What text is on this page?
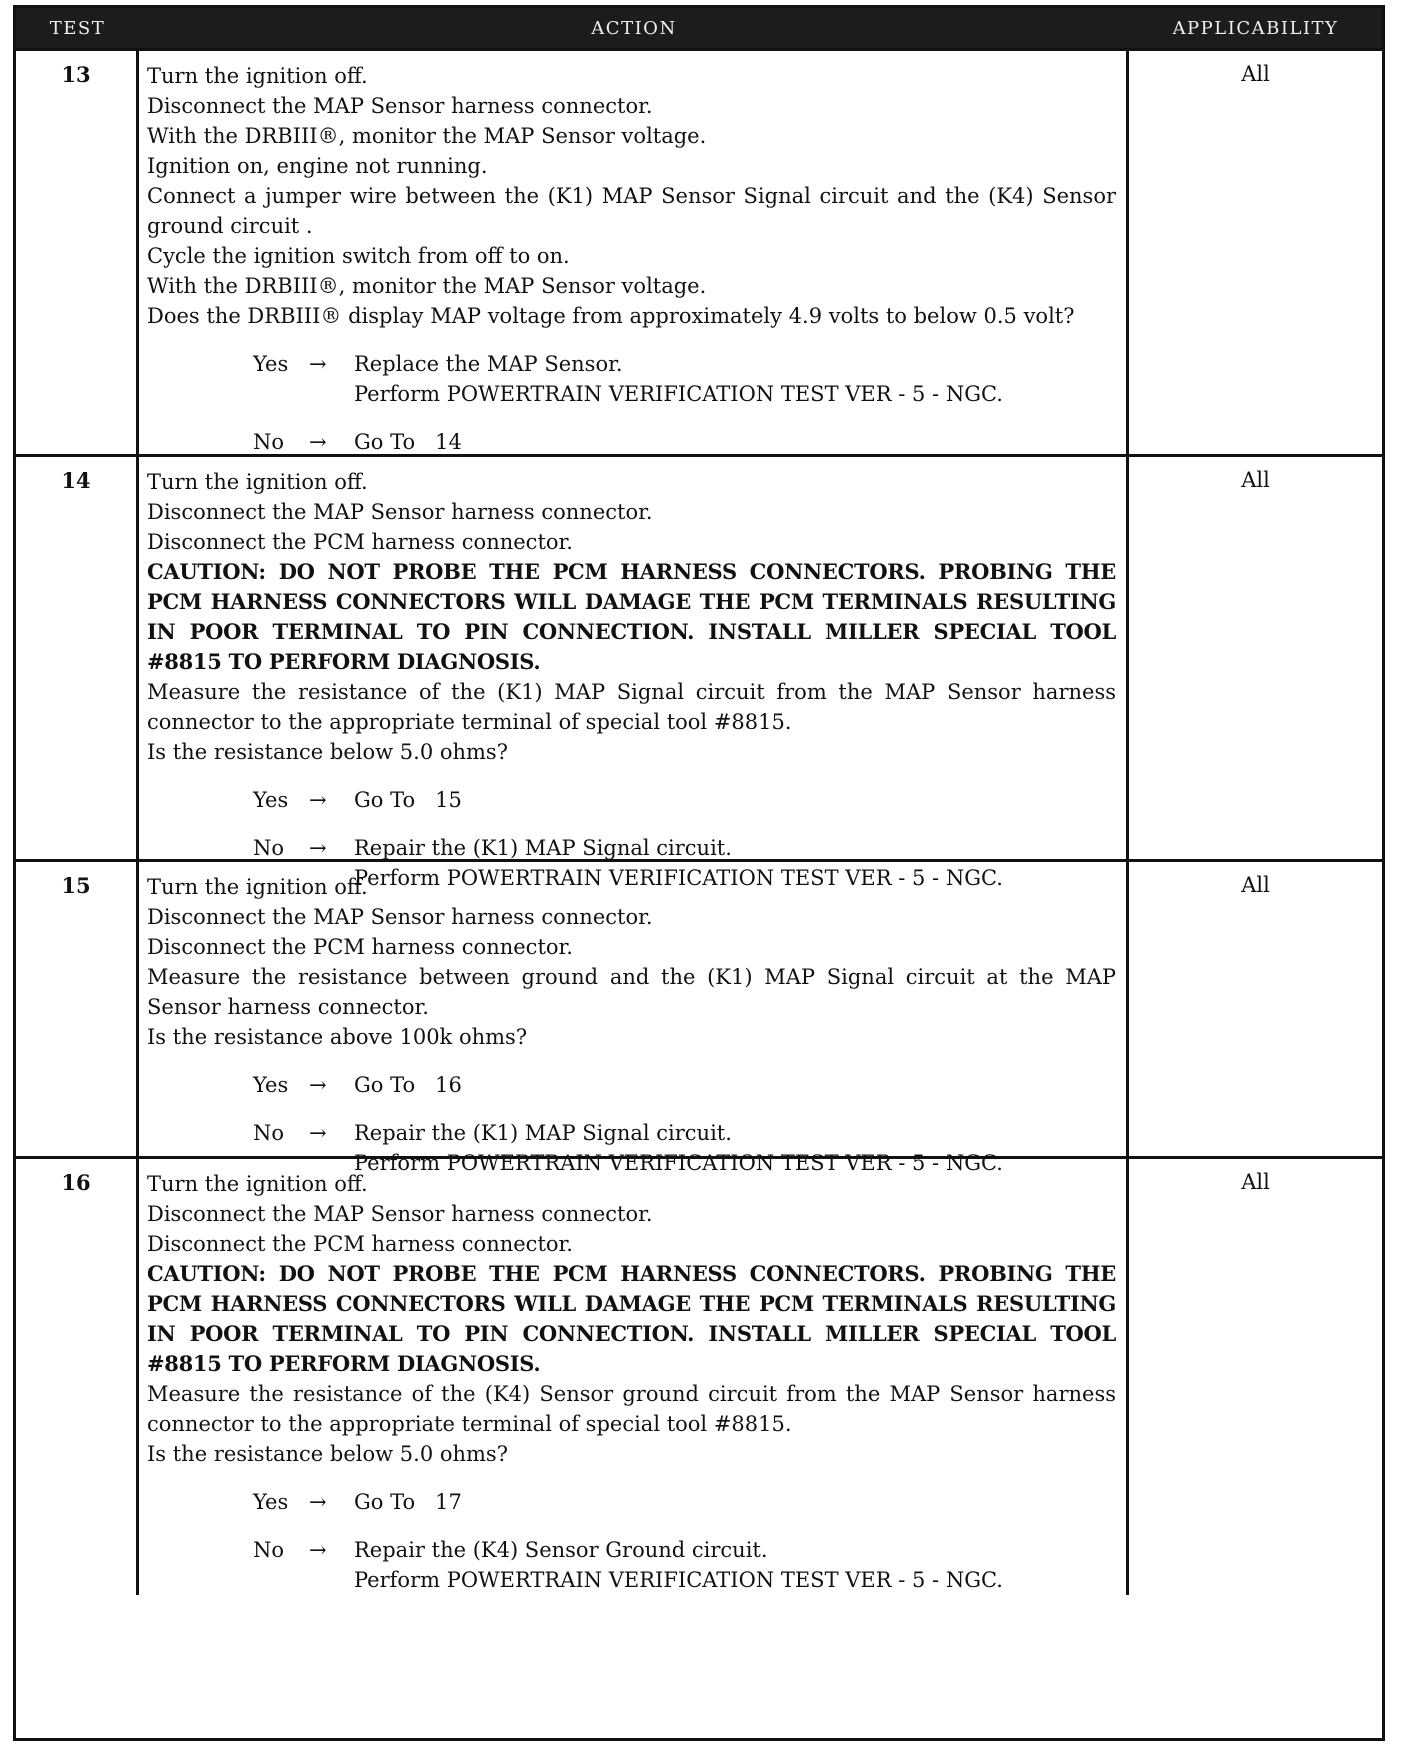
TEST	ACTION	APPLICABILITY
13	Turn the ignition off.
Disconnect the MAP Sensor harness connector.
With the DRBIII®, monitor the MAP Sensor voltage.
Ignition on, engine not running.
Connect a jumper wire between the (K1) MAP Sensor Signal circuit and the (K4) Sensor ground circuit .
Cycle the ignition switch from off to on.
With the DRBIII®, monitor the MAP Sensor voltage.
Does the DRBIII® display MAP voltage from approximately 4.9 volts to below 0.5 volt?
Yes →	Replace the MAP Sensor.
Perform POWERTRAIN VERIFICATION TEST VER - 5 - NGC.
No	→	Go To   14
All
14	Turn the ignition off.
Disconnect the MAP Sensor harness connector.
Disconnect the PCM harness connector.
CAUTION: DO NOT PROBE THE PCM HARNESS CONNECTORS. PROBING THE PCM HARNESS CONNECTORS WILL DAMAGE THE PCM TERMINALS RESULTING IN POOR TERMINAL TO PIN CONNECTION. INSTALL MILLER SPECIAL TOOL #8815 TO PERFORM DIAGNOSIS.
Measure the resistance of the (K1) MAP Signal circuit from the MAP Sensor harness connector to the appropriate terminal of special tool #8815.
Is the resistance below 5.0 ohms?
Yes →	Go To   15
No	→	Repair the (K1) MAP Signal circuit.
Perform POWERTRAIN VERIFICATION TEST VER - 5 - NGC.
All
15	Turn the ignition off.
Disconnect the MAP Sensor harness connector.
Disconnect the PCM harness connector.
Measure the resistance between ground and the (K1) MAP Signal circuit at the MAP Sensor harness connector.
Is the resistance above 100k ohms?
Yes →	Go To   16
No	→	Repair the (K1) MAP Signal circuit.
Perform POWERTRAIN VERIFICATION TEST VER - 5 - NGC.
All
16	Turn the ignition off.
Disconnect the MAP Sensor harness connector.
Disconnect the PCM harness connector.
CAUTION: DO NOT PROBE THE PCM HARNESS CONNECTORS. PROBING THE PCM HARNESS CONNECTORS WILL DAMAGE THE PCM TERMINALS RESULTING IN POOR TERMINAL TO PIN CONNECTION. INSTALL MILLER SPECIAL TOOL #8815 TO PERFORM DIAGNOSIS.
Measure the resistance of the (K4) Sensor ground circuit from the MAP Sensor harness connector to the appropriate terminal of special tool #8815.
Is the resistance below 5.0 ohms?
Yes →	Go To   17
No	→	Repair the (K4) Sensor Ground circuit.
Perform POWERTRAIN VERIFICATION TEST VER - 5 - NGC.
All
